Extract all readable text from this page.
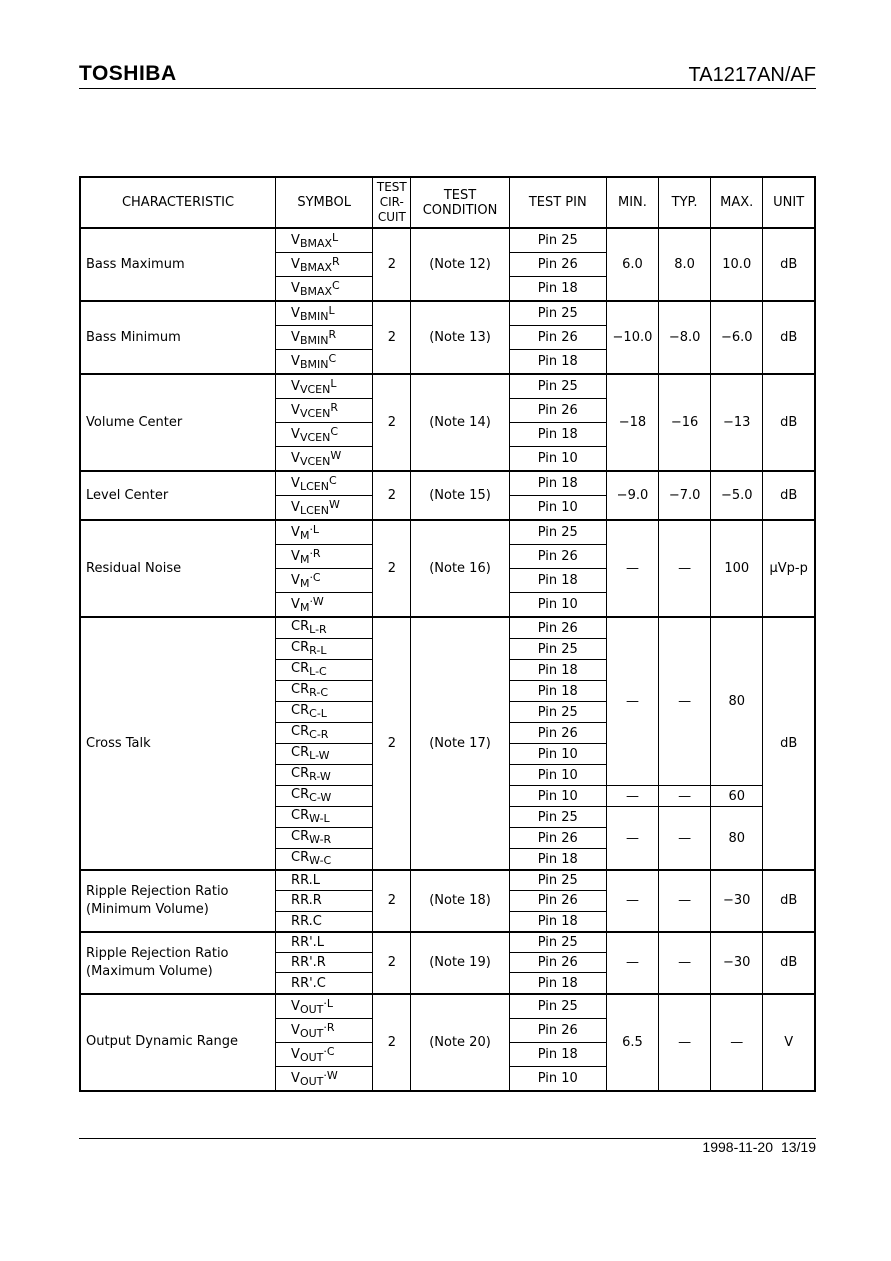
TOSHIBA	TA1217AN/AF
CHARACTERISTIC	SYMBOL	TEST CIR- CUIT	TEST CONDITION	TEST PIN	MIN.	TYP.	MAX.	UNIT
Bass Maximum	$V_{BMAX}^L$	2	(Note 12)	Pin 25	6.0	8.0	10.0	dB
	$V_{BMAX}^R$			Pin 26				
	$V_{BMAX}^C$			Pin 18				
Bass Minimum	$V_{BMIN}^L$	2	(Note 13)	Pin 25	−10.0	−8.0	−6.0	dB
	$V_{BMIN}^R$			Pin 26				
	$V_{BMIN}^C$			Pin 18				
Volume Center	$V_{VCEN}^L$	2	(Note 14)	Pin 25	−18	−16	−13	dB
	$V_{VCEN}^R$			Pin 26				
	$V_{VCEN}^C$			Pin 18				
	$V_{VCEN}^W$			Pin 10				
Level Center	$V_{LCEN}^C$	2	(Note 15)	Pin 18	−9.0	−7.0	−5.0	dB
	$V_{LCEN}^W$			Pin 10				
Residual Noise	$V_M^{\cdot L}$	2	(Note 16)	Pin 25	—	—	100	μVp-p
	$V_M^{\cdot R}$			Pin 26				
	$V_M^{\cdot C}$			Pin 18				
	$V_M^{\cdot W}$			Pin 10				
Cross Talk	$CR_{L-R}$	2	(Note 17)	Pin 26	—	—	80	dB
	$CR_{R-L}$			Pin 25				
	$CR_{L-C}$			Pin 18				
	$CR_{R-C}$			Pin 18				
	$CR_{C-L}$			Pin 25				
	$CR_{C-R}$			Pin 26				
	$CR_{L-W}$			Pin 10				
	$CR_{R-W}$			Pin 10				
	$CR_{C-W}$			Pin 10	—	—	60	
	$CR_{W-L}$			Pin 25	—	—	80	
	$CR_{W-R}$			Pin 26				
	$CR_{W-C}$			Pin 18				
Ripple Rejection Ratio (Minimum Volume)	RR.L	2	(Note 18)	Pin 25	—	—	−30	dB
	RR.R			Pin 26				
	RR.C			Pin 18				
Ripple Rejection Ratio (Maximum Volume)	RR'.L	2	(Note 19)	Pin 25	—	—	−30	dB
	RR'.R			Pin 26				
	RR'.C			Pin 18				
Output Dynamic Range	$V_{OUT}^{\cdot L}$	2	(Note 20)	Pin 25	6.5	—	—	V
	$V_{OUT}^{\cdot R}$			Pin 26				
	$V_{OUT}^{\cdot C}$			Pin 18				
	$V_{OUT}^{\cdot W}$			Pin 10				
1998-11-20 13/19
